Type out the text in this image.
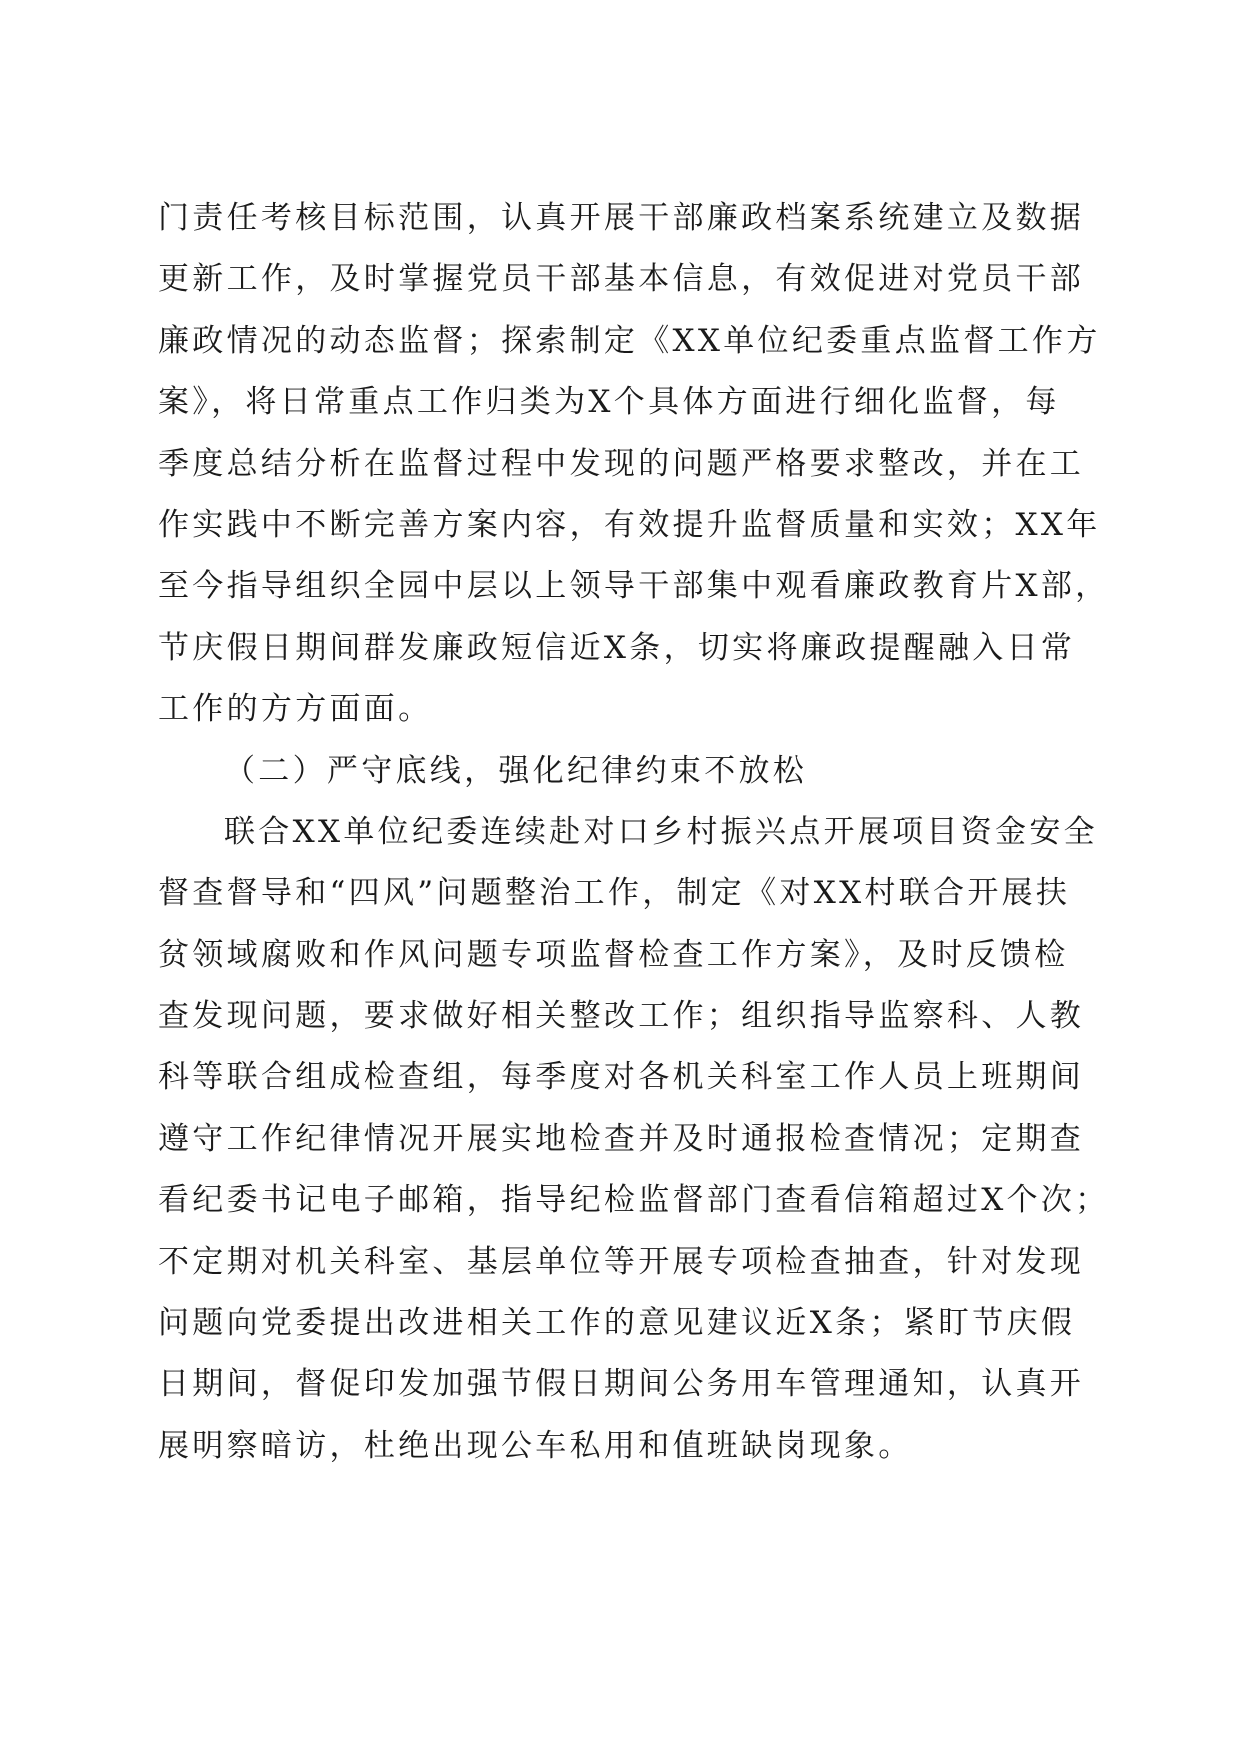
门责任考核目标范围，认真开展干部廉政档案系统建立及数据
更新工作，及时掌握党员干部基本信息，有效促进对党员干部
廉政情况的动态监督；探索制定《XX单位纪委重点监督工作方
案》，将日常重点工作归类为X个具体方面进行细化监督，每
季度总结分析在监督过程中发现的问题严格要求整改，并在工
作实践中不断完善方案内容，有效提升监督质量和实效；XX年
至今指导组织全园中层以上领导干部集中观看廉政教育片X部，
节庆假日期间群发廉政短信近X条，切实将廉政提醒融入日常
工作的方方面面。
（二）严守底线，强化纪律约束不放松
联合XX单位纪委连续赴对口乡村振兴点开展项目资金安全
督查督导和“四风”问题整治工作，制定《对XX村联合开展扶
贫领域腐败和作风问题专项监督检查工作方案》，及时反馈检
查发现问题，要求做好相关整改工作；组织指导监察科、人教
科等联合组成检查组，每季度对各机关科室工作人员上班期间
遵守工作纪律情况开展实地检查并及时通报检查情况；定期查
看纪委书记电子邮箱，指导纪检监督部门查看信箱超过X个次；
不定期对机关科室、基层单位等开展专项检查抽查，针对发现
问题向党委提出改进相关工作的意见建议近X条；紧盯节庆假
日期间，督促印发加强节假日期间公务用车管理通知，认真开
展明察暗访，杜绝出现公车私用和值班缺岗现象。
